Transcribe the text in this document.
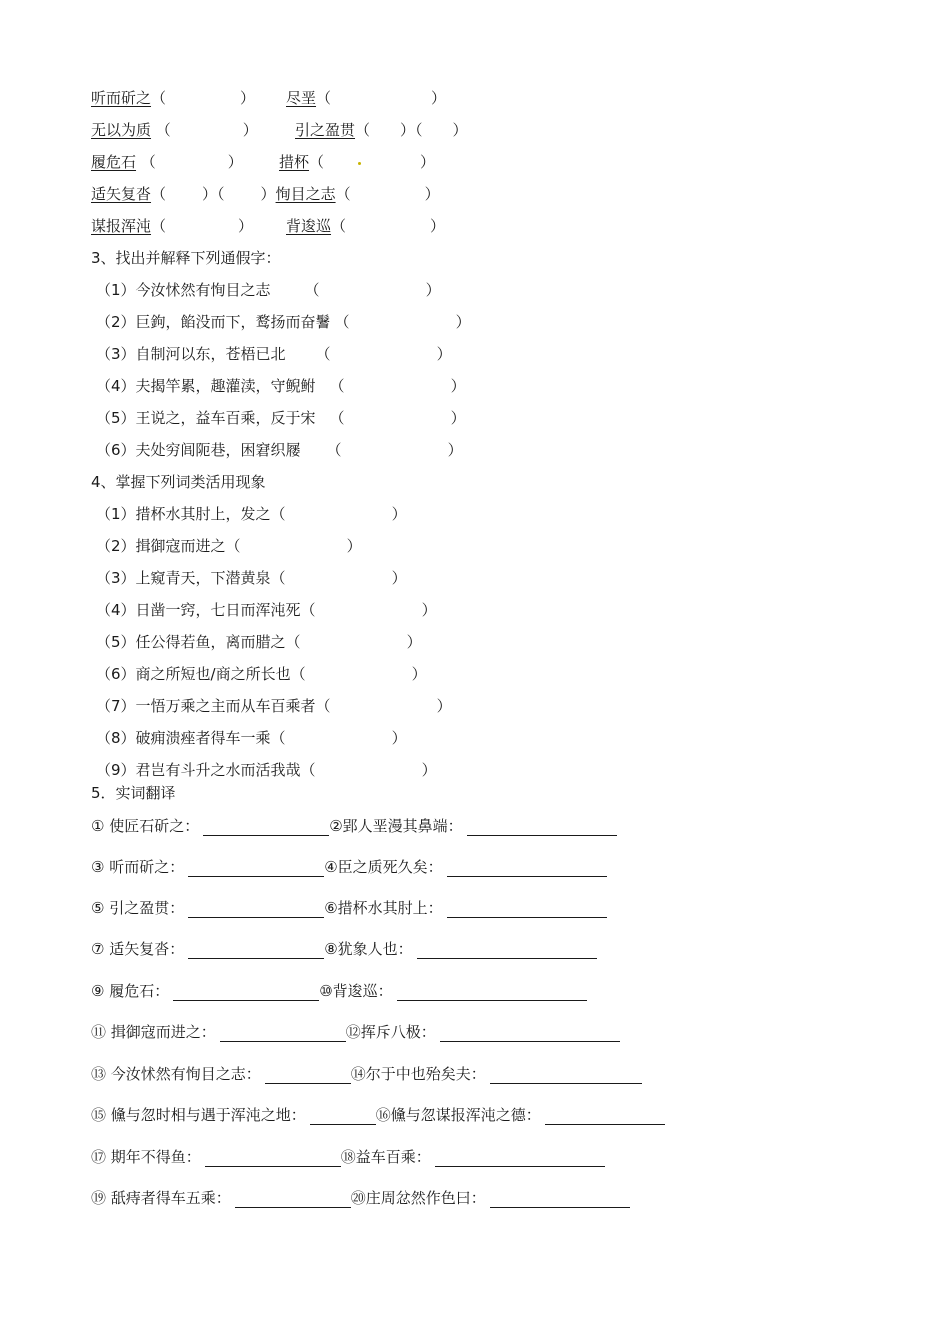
听而斫之（	） 尽垩（	）
无以为质 （	） 引之盈贯（ ）（ ）
履危石 （	） 措杯（	）
适矢复沓（ ）（ ）恂目之志（	）
谋报浑沌（	） 背逡巡（	）
3、找出并解释下列通假字：
（1）今汝怵然有恂目之志 （	）
（2）巨鉤，餡没而下，鹜扬而奋鬐 （	）
（3）自制河以东，苍梧已北 （	）
（4）夫揭竿累，趣灌渎，守鲵鲋 （	）
（5）王说之，益车百乘，反于宋 （	）
（6）夫处穷闾阨巷，困窘织屦 （	）
4、掌握下列词类活用现象
（1）措杯水其肘上，发之（	）
（2）揖御寇而进之（	）
（3）上窥青天，下潜黄泉（	）
（4）日凿一窍，七日而浑沌死（	）
（5）任公得若鱼，离而腊之（	）
（6）商之所短也/商之所长也（	）
（7）一悟万乘之主而从车百乘者（	）
（8）破痈溃痤者得车一乘（	）
（9）君岂有斗升之水而活我哉（	）
5．实词翻译
① 使匠石斫之：	②郢人垩漫其鼻端：
③ 听而斫之：	④臣之质死久矣：
⑤ 引之盈贯：	⑥措杯水其肘上：
⑦ 适矢复沓：	⑧犹象人也：
⑨ 履危石：	⑩背逡巡：
⑪ 揖御寇而进之：	⑫挥斥八极：
⑬ 今汝怵然有恂目之志：	⑭尔于中也殆矣夫：
⑮ 儵与忽时相与遇于浑沌之地：	⑯儵与忽谋报浑沌之德：
⑰ 期年不得鱼：	⑱益车百乘：
⑲ 舐痔者得车五乘：	⑳庄周忿然作色曰：
